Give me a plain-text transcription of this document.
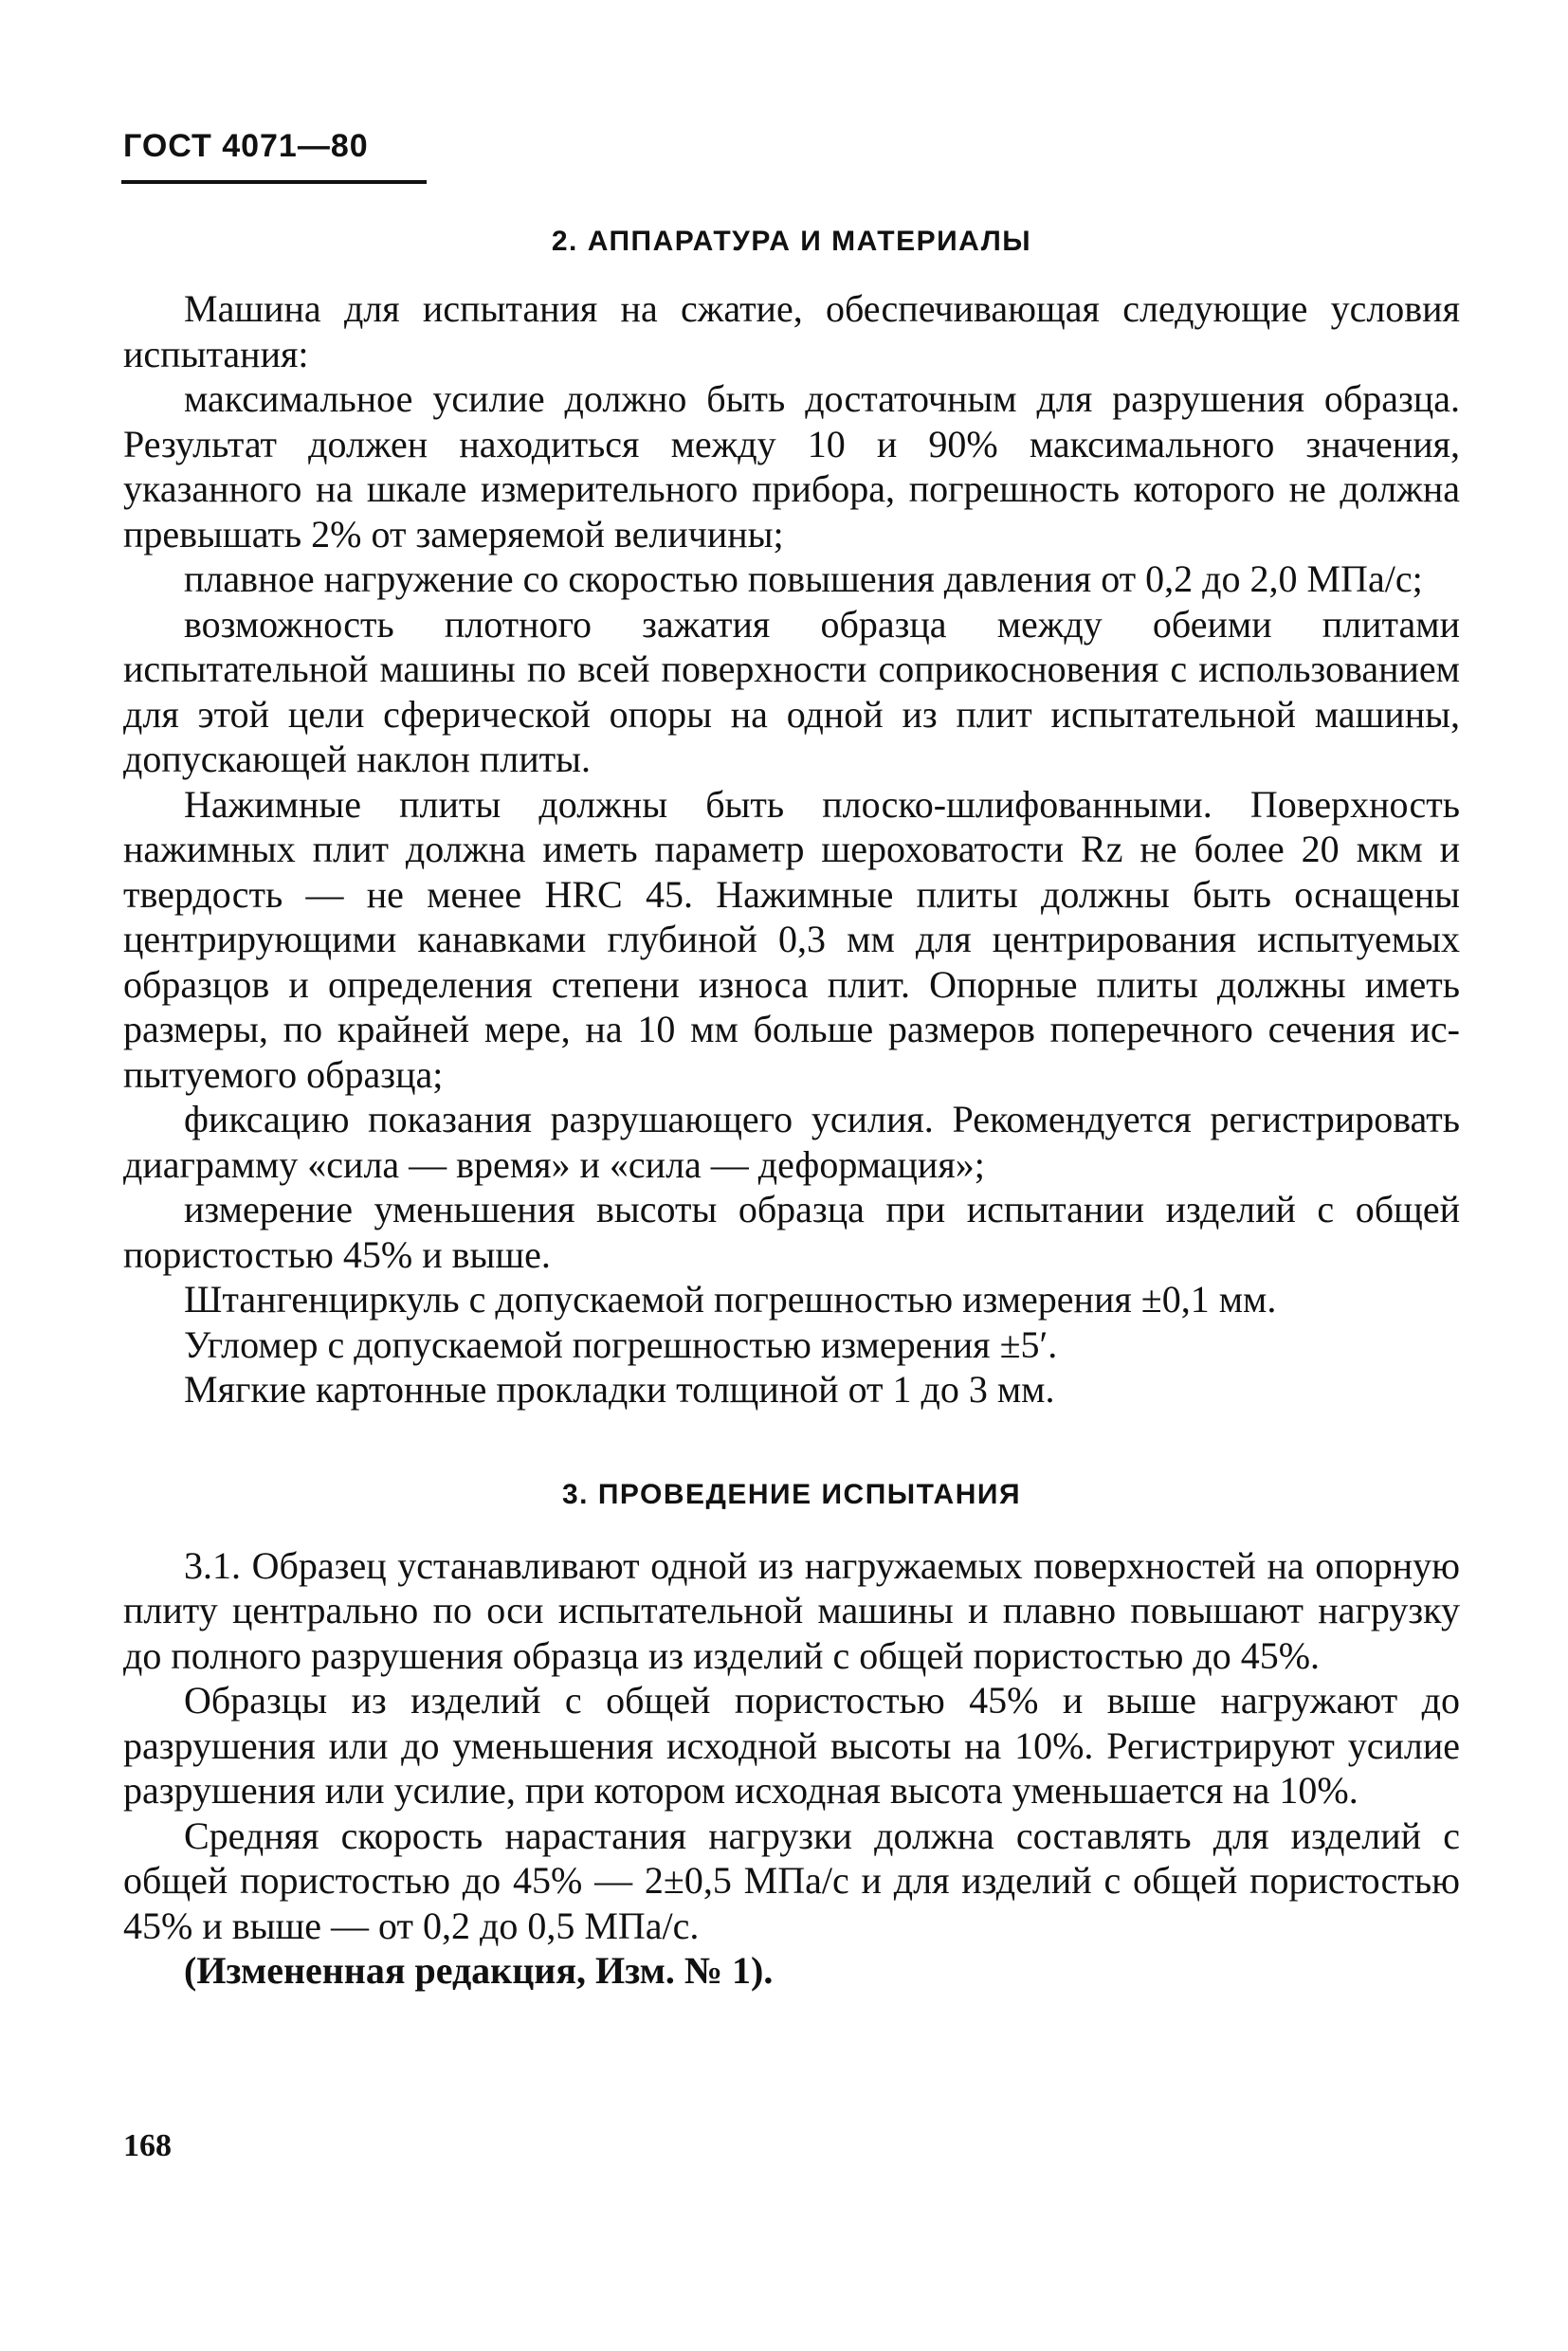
ГОСТ 4071—80
2. АППАРАТУРА И МАТЕРИАЛЫ

Машина для испытания на сжатие, обеспечивающая следующие условия испытания:

максимальное усилие должно быть достаточным для разрушения образца. Результат должен находиться между 10 и 90% максимального значения, указанного на шкале измерительного прибора, погрешность которого не должна превышать 2% от замеряемой величины;

плавное нагружение со скоростью повышения давления от 0,2 до 2,0 МПа/с;

возможность плотного зажатия образца между обеими плитами испытательной машины по всей поверхности соприкосновения с использованием для этой цели сферической опоры на одной из плит испытательной машины, допускающей наклон плиты.

Нажимные плиты должны быть плоско-шлифованными. Поверхность нажимных плит должна иметь параметр шероховатости Rz не более 20 мкм и твердость — не менее HRC 45. Нажимные плиты должны быть оснащены центрирующими канавками глубиной 0,3 мм для центрирования испытуемых образцов и определения степени износа плит. Опорные плиты должны иметь размеры, по крайней мере, на 10 мм больше размеров поперечного сечения испытуемого образца;

фиксацию показания разрушающего усилия. Рекомендуется регистрировать диаграмму «сила — время» и «сила — деформация»;

измерение уменьшения высоты образца при испытании изделий с общей пористостью 45% и выше.

Штангенциркуль с допускаемой погрешностью измерения ±0,1 мм.

Угломер с допускаемой погрешностью измерения ±5′.

Мягкие картонные прокладки толщиной от 1 до 3 мм.

3. ПРОВЕДЕНИЕ ИСПЫТАНИЯ

3.1. Образец устанавливают одной из нагружаемых поверхностей на опорную плиту центрально по оси испытательной машины и плавно повышают нагрузку до полного разрушения образца из изделий с общей пористостью до 45%.

Образцы из изделий с общей пористостью 45% и выше нагружают до разрушения или до уменьшения исходной высоты на 10%. Регистрируют усилие разрушения или усилие, при котором исходная высота уменьшается на 10%.

Средняя скорость нарастания нагрузки должна составлять для изделий с общей пористостью до 45% — 2±0,5 МПа/с и для изделий с общей пористостью 45% и выше — от 0,2 до 0,5 МПа/с.

(Измененная редакция, Изм. № 1).

168
